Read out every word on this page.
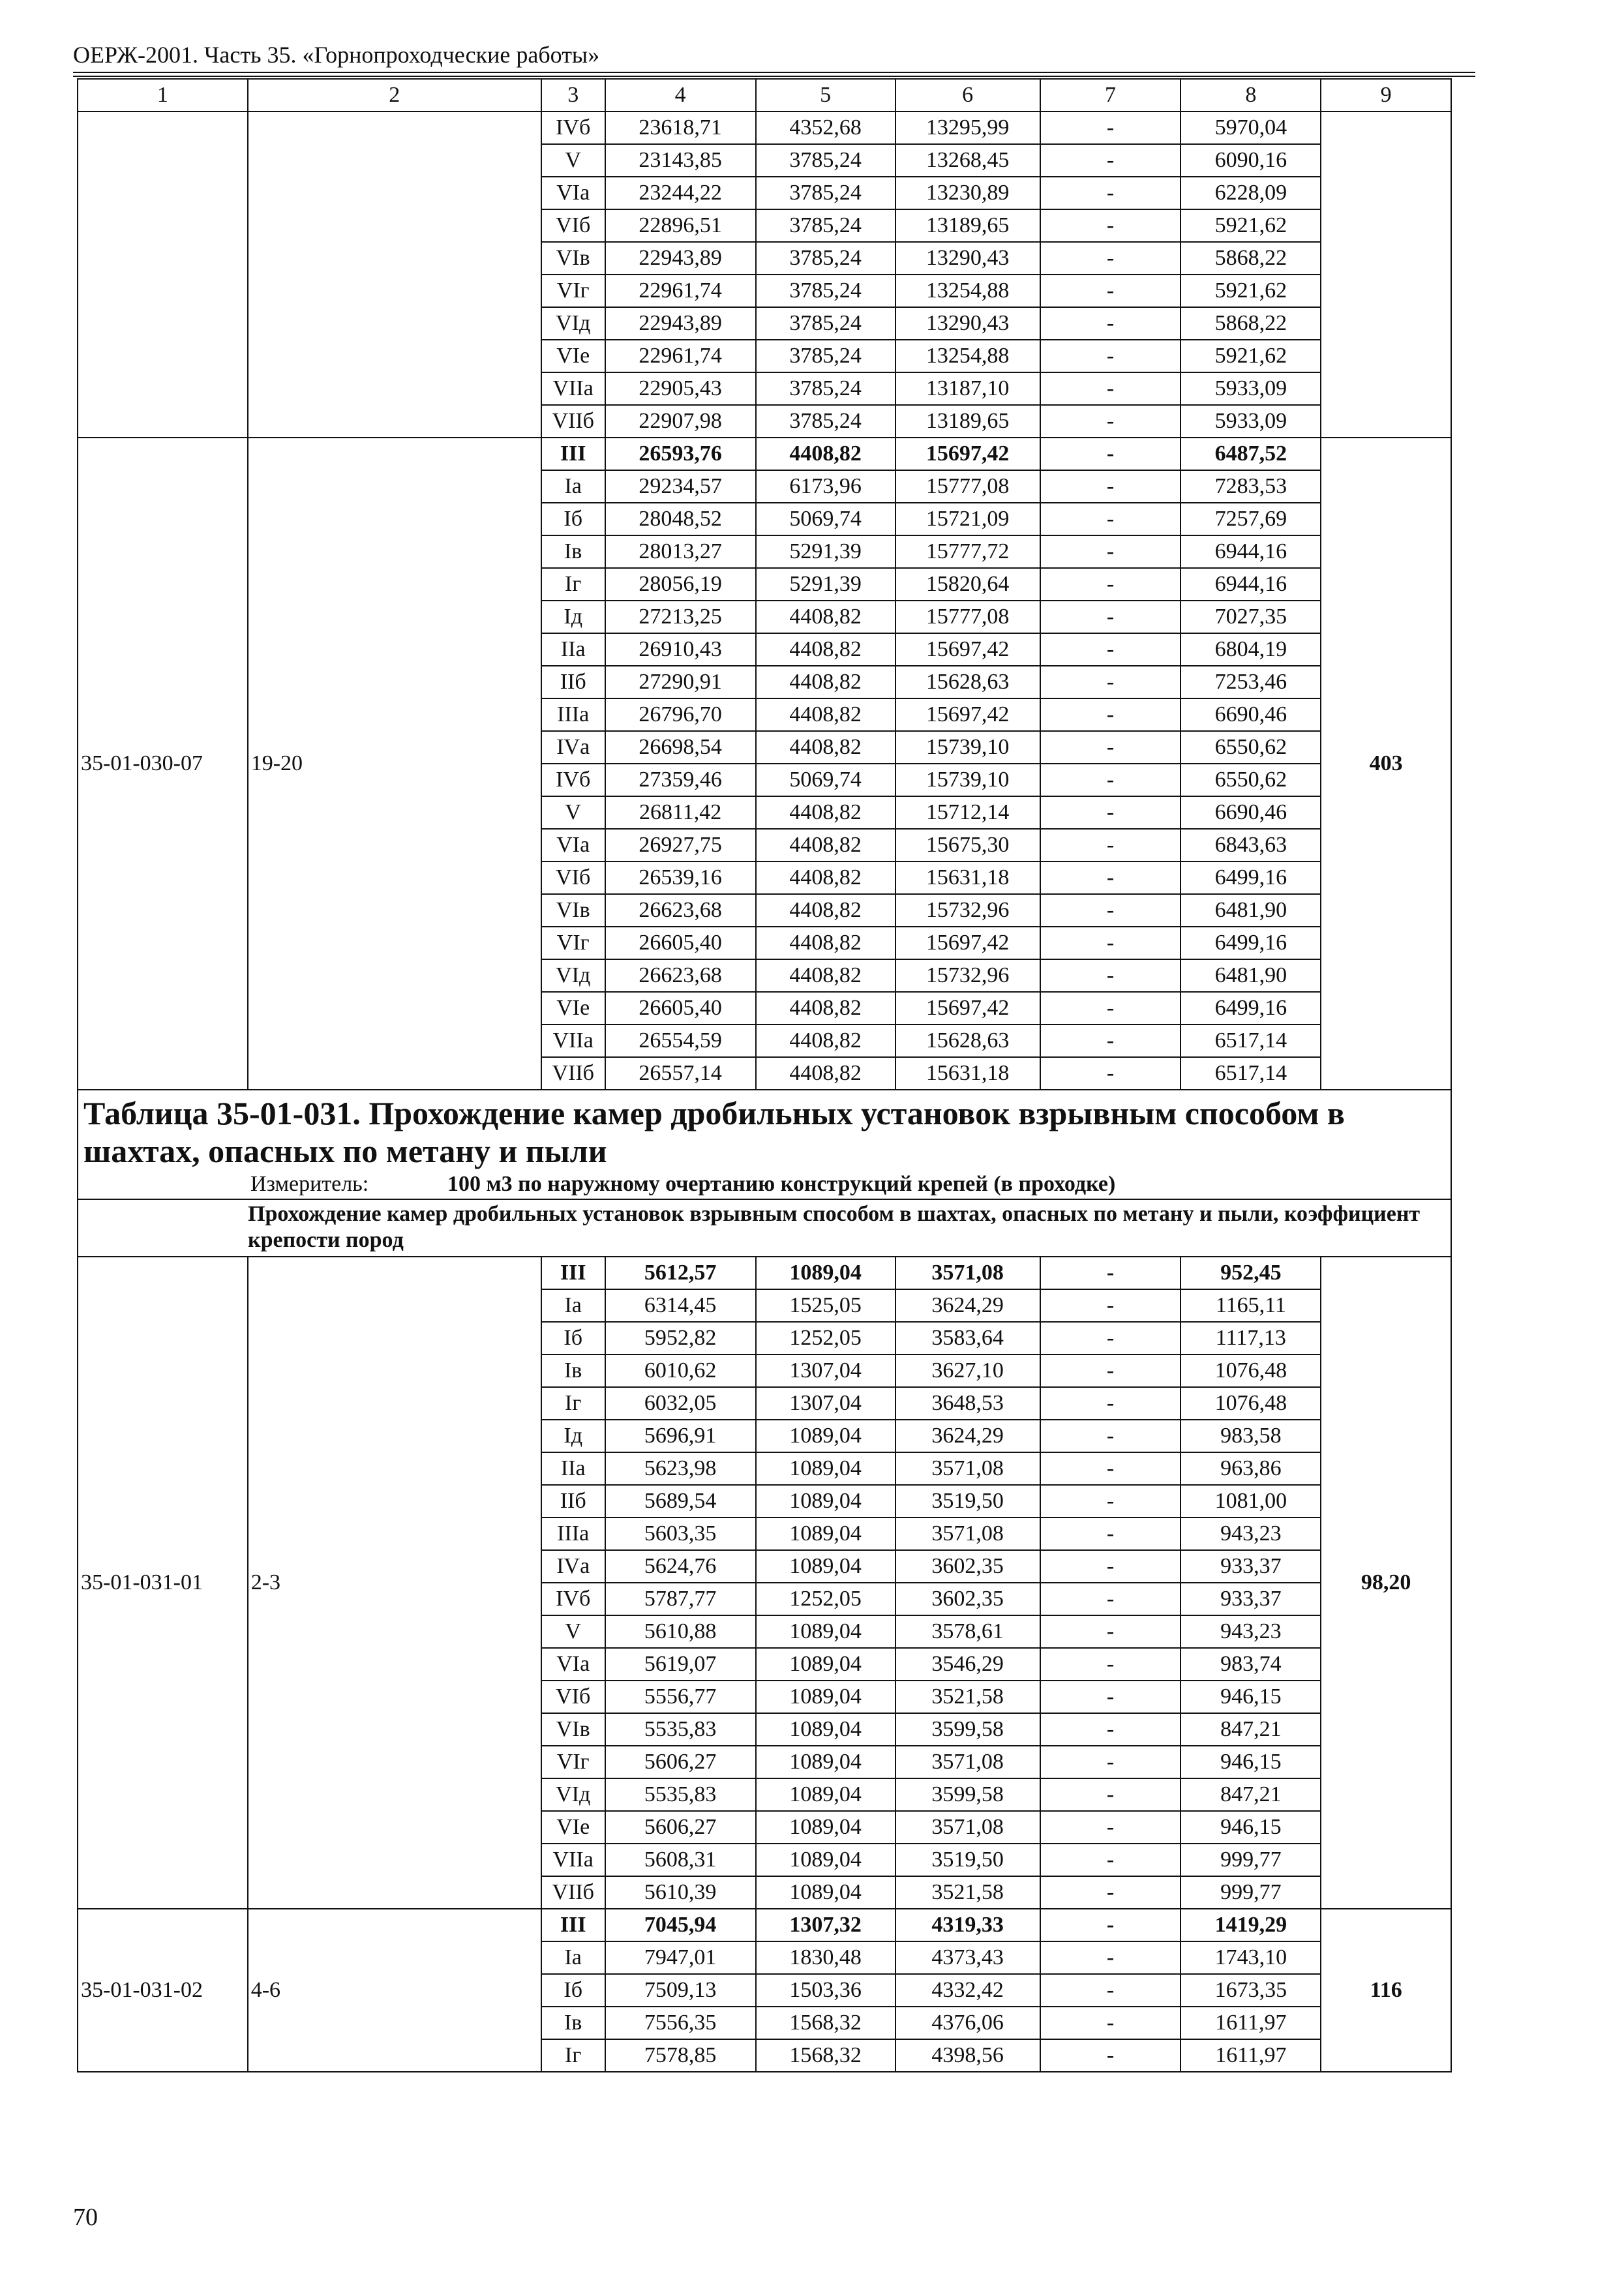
ОЕРЖ-2001. Часть 35. «Горнопроходческие работы»
1	2	3	4	5	6	7	8	9
		IVб	23618,71	4352,68	13295,99	-	5970,04	
		V	23143,85	3785,24	13268,45	-	6090,16	
		VIа	23244,22	3785,24	13230,89	-	6228,09	
		VIб	22896,51	3785,24	13189,65	-	5921,62	
		VIв	22943,89	3785,24	13290,43	-	5868,22	
		VIг	22961,74	3785,24	13254,88	-	5921,62	
		VIд	22943,89	3785,24	13290,43	-	5868,22	
		VIе	22961,74	3785,24	13254,88	-	5921,62	
		VIIа	22905,43	3785,24	13187,10	-	5933,09	
		VIIб	22907,98	3785,24	13189,65	-	5933,09	
35-01-030-07	19-20	III	26593,76	4408,82	15697,42	-	6487,52	403
		Iа	29234,57	6173,96	15777,08	-	7283,53	
		Iб	28048,52	5069,74	15721,09	-	7257,69	
		Iв	28013,27	5291,39	15777,72	-	6944,16	
		Iг	28056,19	5291,39	15820,64	-	6944,16	
		Iд	27213,25	4408,82	15777,08	-	7027,35	
		IIа	26910,43	4408,82	15697,42	-	6804,19	
		IIб	27290,91	4408,82	15628,63	-	7253,46	
		IIIа	26796,70	4408,82	15697,42	-	6690,46	
		IVа	26698,54	4408,82	15739,10	-	6550,62	
		IVб	27359,46	5069,74	15739,10	-	6550,62	
		V	26811,42	4408,82	15712,14	-	6690,46	
		VIа	26927,75	4408,82	15675,30	-	6843,63	
		VIб	26539,16	4408,82	15631,18	-	6499,16	
		VIв	26623,68	4408,82	15732,96	-	6481,90	
		VIг	26605,40	4408,82	15697,42	-	6499,16	
		VIд	26623,68	4408,82	15732,96	-	6481,90	
		VIе	26605,40	4408,82	15697,42	-	6499,16	
		VIIа	26554,59	4408,82	15628,63	-	6517,14	
		VIIб	26557,14	4408,82	15631,18	-	6517,14	

Таблица 35-01-031. Прохождение камер дробильных установок взрывным способом в шахтах, опасных по метану и пыли
Измеритель: 100 м3 по наружному очертанию конструкций крепей (в проходке)								

Прохождение камер дробильных установок взрывным способом в шахтах, опасных по метану и пыли, коэффициент крепости пород								
35-01-031-01	2-3	III	5612,57	1089,04	3571,08	-	952,45	98,20
		Iа	6314,45	1525,05	3624,29	-	1165,11	
		Iб	5952,82	1252,05	3583,64	-	1117,13	
		Iв	6010,62	1307,04	3627,10	-	1076,48	
		Iг	6032,05	1307,04	3648,53	-	1076,48	
		Iд	5696,91	1089,04	3624,29	-	983,58	
		IIа	5623,98	1089,04	3571,08	-	963,86	
		IIб	5689,54	1089,04	3519,50	-	1081,00	
		IIIа	5603,35	1089,04	3571,08	-	943,23	
		IVа	5624,76	1089,04	3602,35	-	933,37	
		IVб	5787,77	1252,05	3602,35	-	933,37	
		V	5610,88	1089,04	3578,61	-	943,23	
		VIа	5619,07	1089,04	3546,29	-	983,74	
		VIб	5556,77	1089,04	3521,58	-	946,15	
		VIв	5535,83	1089,04	3599,58	-	847,21	
		VIг	5606,27	1089,04	3571,08	-	946,15	
		VIд	5535,83	1089,04	3599,58	-	847,21	
		VIе	5606,27	1089,04	3571,08	-	946,15	
		VIIа	5608,31	1089,04	3519,50	-	999,77	
		VIIб	5610,39	1089,04	3521,58	-	999,77	
35-01-031-02	4-6	III	7045,94	1307,32	4319,33	-	1419,29	116
		Iа	7947,01	1830,48	4373,43	-	1743,10	
		Iб	7509,13	1503,36	4332,42	-	1673,35	
		Iв	7556,35	1568,32	4376,06	-	1611,97	
		Iг	7578,85	1568,32	4398,56	-	1611,97	
70
